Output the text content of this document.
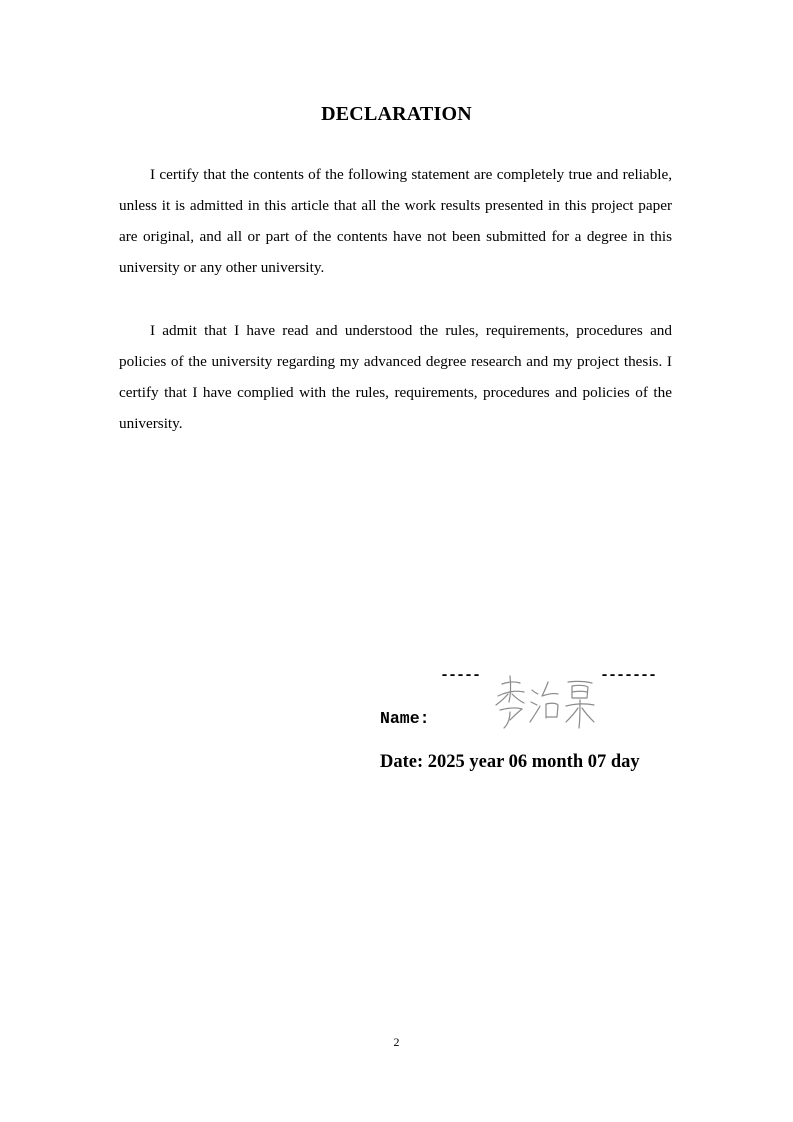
DECLARATION

I certify that the contents of the following statement are completely true and reliable, unless it is admitted in this article that all the work results presented in this project paper are original, and all or part of the contents have not been submitted for a degree in this university or any other university.

I admit that I have read and understood the rules, requirements, procedures and policies of the university regarding my advanced degree research and my project thesis. I certify that I have complied with the rules, requirements, procedures and policies of the university.

-----	-------
Name:
Date: 2025 year 06 month 07 day
2
